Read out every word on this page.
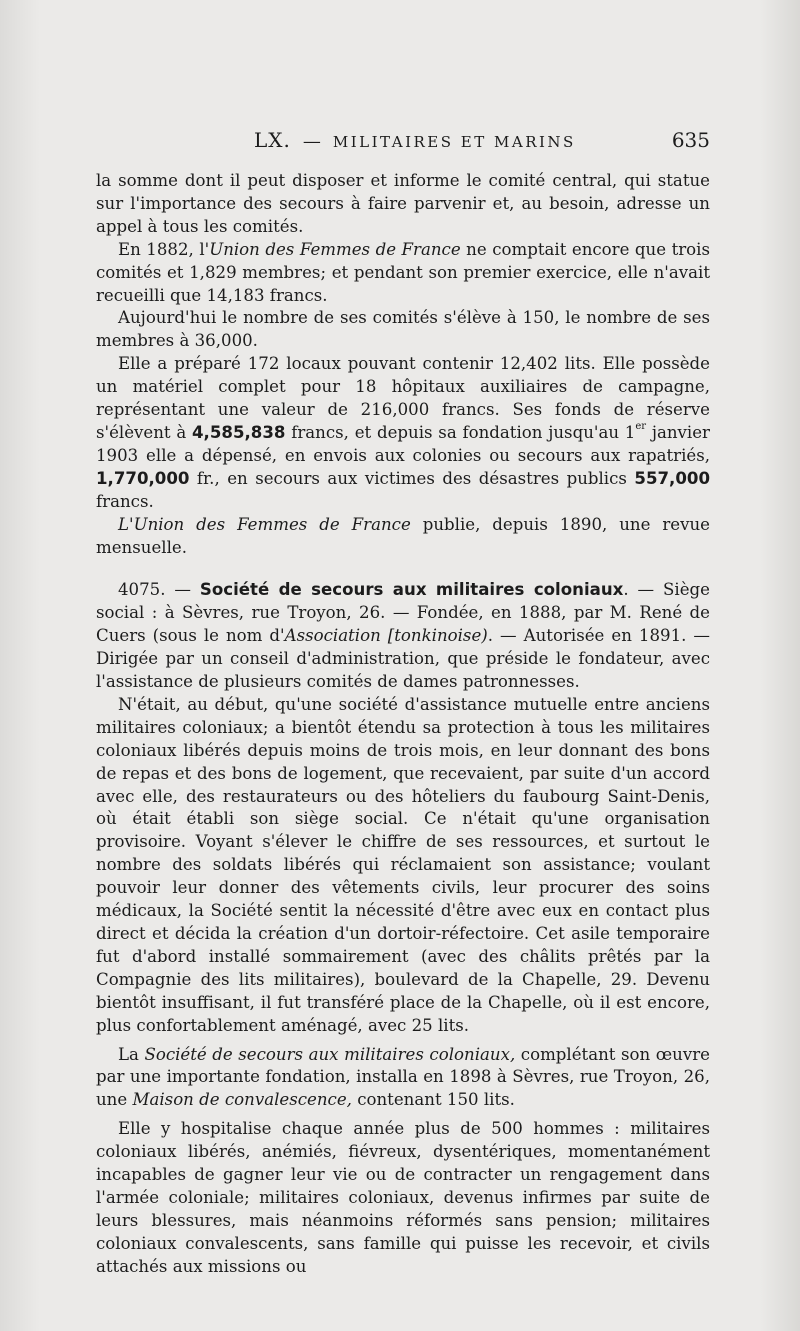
LX. — MILITAIRES ET MARINS	635

la somme dont il peut disposer et informe le comité central, qui statue sur l'importance des secours à faire parvenir et, au besoin, adresse un appel à tous les comités.

En 1882, l'Union des Femmes de France ne comptait encore que trois comités et 1,829 membres; et pendant son premier exercice, elle n'avait recueilli que 14,183 francs.

Aujourd'hui le nombre de ses comités s'élève à 150, le nombre de ses membres à 36,000.

Elle a préparé 172 locaux pouvant contenir 12,402 lits. Elle possède un matériel complet pour 18 hôpitaux auxiliaires de campagne, représentant une valeur de 216,000 francs. Ses fonds de réserve s'élèvent à 4,585,838 francs, et depuis sa fondation jusqu'au 1er janvier 1903 elle a dépensé, en envois aux colonies ou secours aux rapatriés, 1,770,000 fr., en secours aux victimes des désastres publics 557,000 francs.

L'Union des Femmes de France publie, depuis 1890, une revue mensuelle.

4075. — Société de secours aux militaires coloniaux. — Siège social : à Sèvres, rue Troyon, 26. — Fondée, en 1888, par M. René de Cuers (sous le nom d'Association [tonkinoise). — Autorisée en 1891. — Dirigée par un conseil d'administration, que préside le fondateur, avec l'assistance de plusieurs comités de dames patronnesses.

N'était, au début, qu'une société d'assistance mutuelle entre anciens militaires coloniaux; a bientôt étendu sa protection à tous les militaires coloniaux libérés depuis moins de trois mois, en leur donnant des bons de repas et des bons de logement, que recevaient, par suite d'un accord avec elle, des restaurateurs ou des hôteliers du faubourg Saint-Denis, où était établi son siège social. Ce n'était qu'une organisation provisoire. Voyant s'élever le chiffre de ses ressources, et surtout le nombre des soldats libérés qui réclamaient son assistance; voulant pouvoir leur donner des vêtements civils, leur procurer des soins médicaux, la Société sentit la nécessité d'être avec eux en contact plus direct et décida la création d'un dortoir-réfectoire. Cet asile temporaire fut d'abord installé sommairement (avec des châlits prêtés par la Compagnie des lits militaires), boulevard de la Chapelle, 29. Devenu bientôt insuffisant, il fut transféré place de la Chapelle, où il est encore, plus confortablement aménagé, avec 25 lits.

La Société de secours aux militaires coloniaux, complétant son œuvre par une importante fondation, installa en 1898 à Sèvres, rue Troyon, 26, une Maison de convalescence, contenant 150 lits.

Elle y hospitalise chaque année plus de 500 hommes : militaires coloniaux libérés, anémiés, fiévreux, dysentériques, momentanément incapables de gagner leur vie ou de contracter un rengagement dans l'armée coloniale; militaires coloniaux, devenus infirmes par suite de leurs blessures, mais néanmoins réformés sans pension; militaires coloniaux convalescents, sans famille qui puisse les recevoir, et civils attachés aux missions ou
